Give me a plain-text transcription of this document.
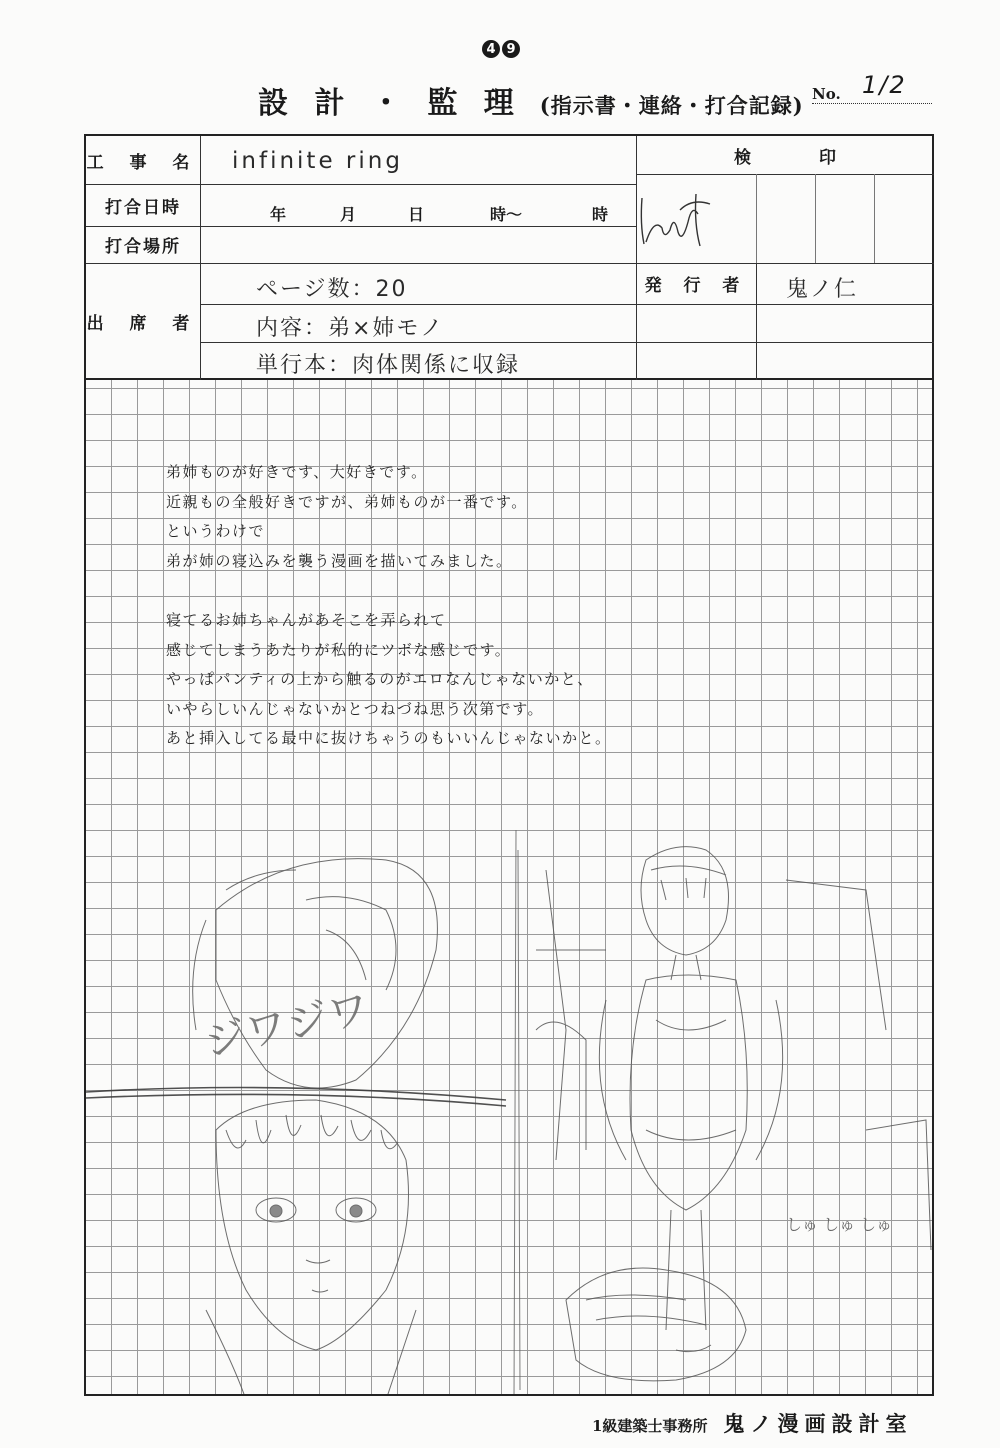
4 9
設 計 ・ 監 理 (指示書・連絡・打合記録) No. 1/2
工 事 名 infinite ring
打合日時	年	月	日	時〜	時
打合場所
出 席 者
ページ数：20
内容：弟×姉モノ
単行本：肉体関係に収録
検　　　　印
発 行 者	鬼ノ仁
弟姉ものが好きです、大好きです。
近親もの全般好きですが、弟姉ものが一番です。
というわけで
弟が姉の寝込みを襲う漫画を描いてみました。
寝てるお姉ちゃんがあそこを弄られて
感じてしまうあたりが私的にツボな感じです。
やっぱパンティの上から触るのがエロなんじゃないかと、
いやらしいんじゃないかとつねづね思う次第です。
あと挿入してる最中に抜けちゃうのもいいんじゃないかと。
ジワジワ
しゅ しゅ しゅ
1級建築士事務所 鬼ノ漫画設計室
